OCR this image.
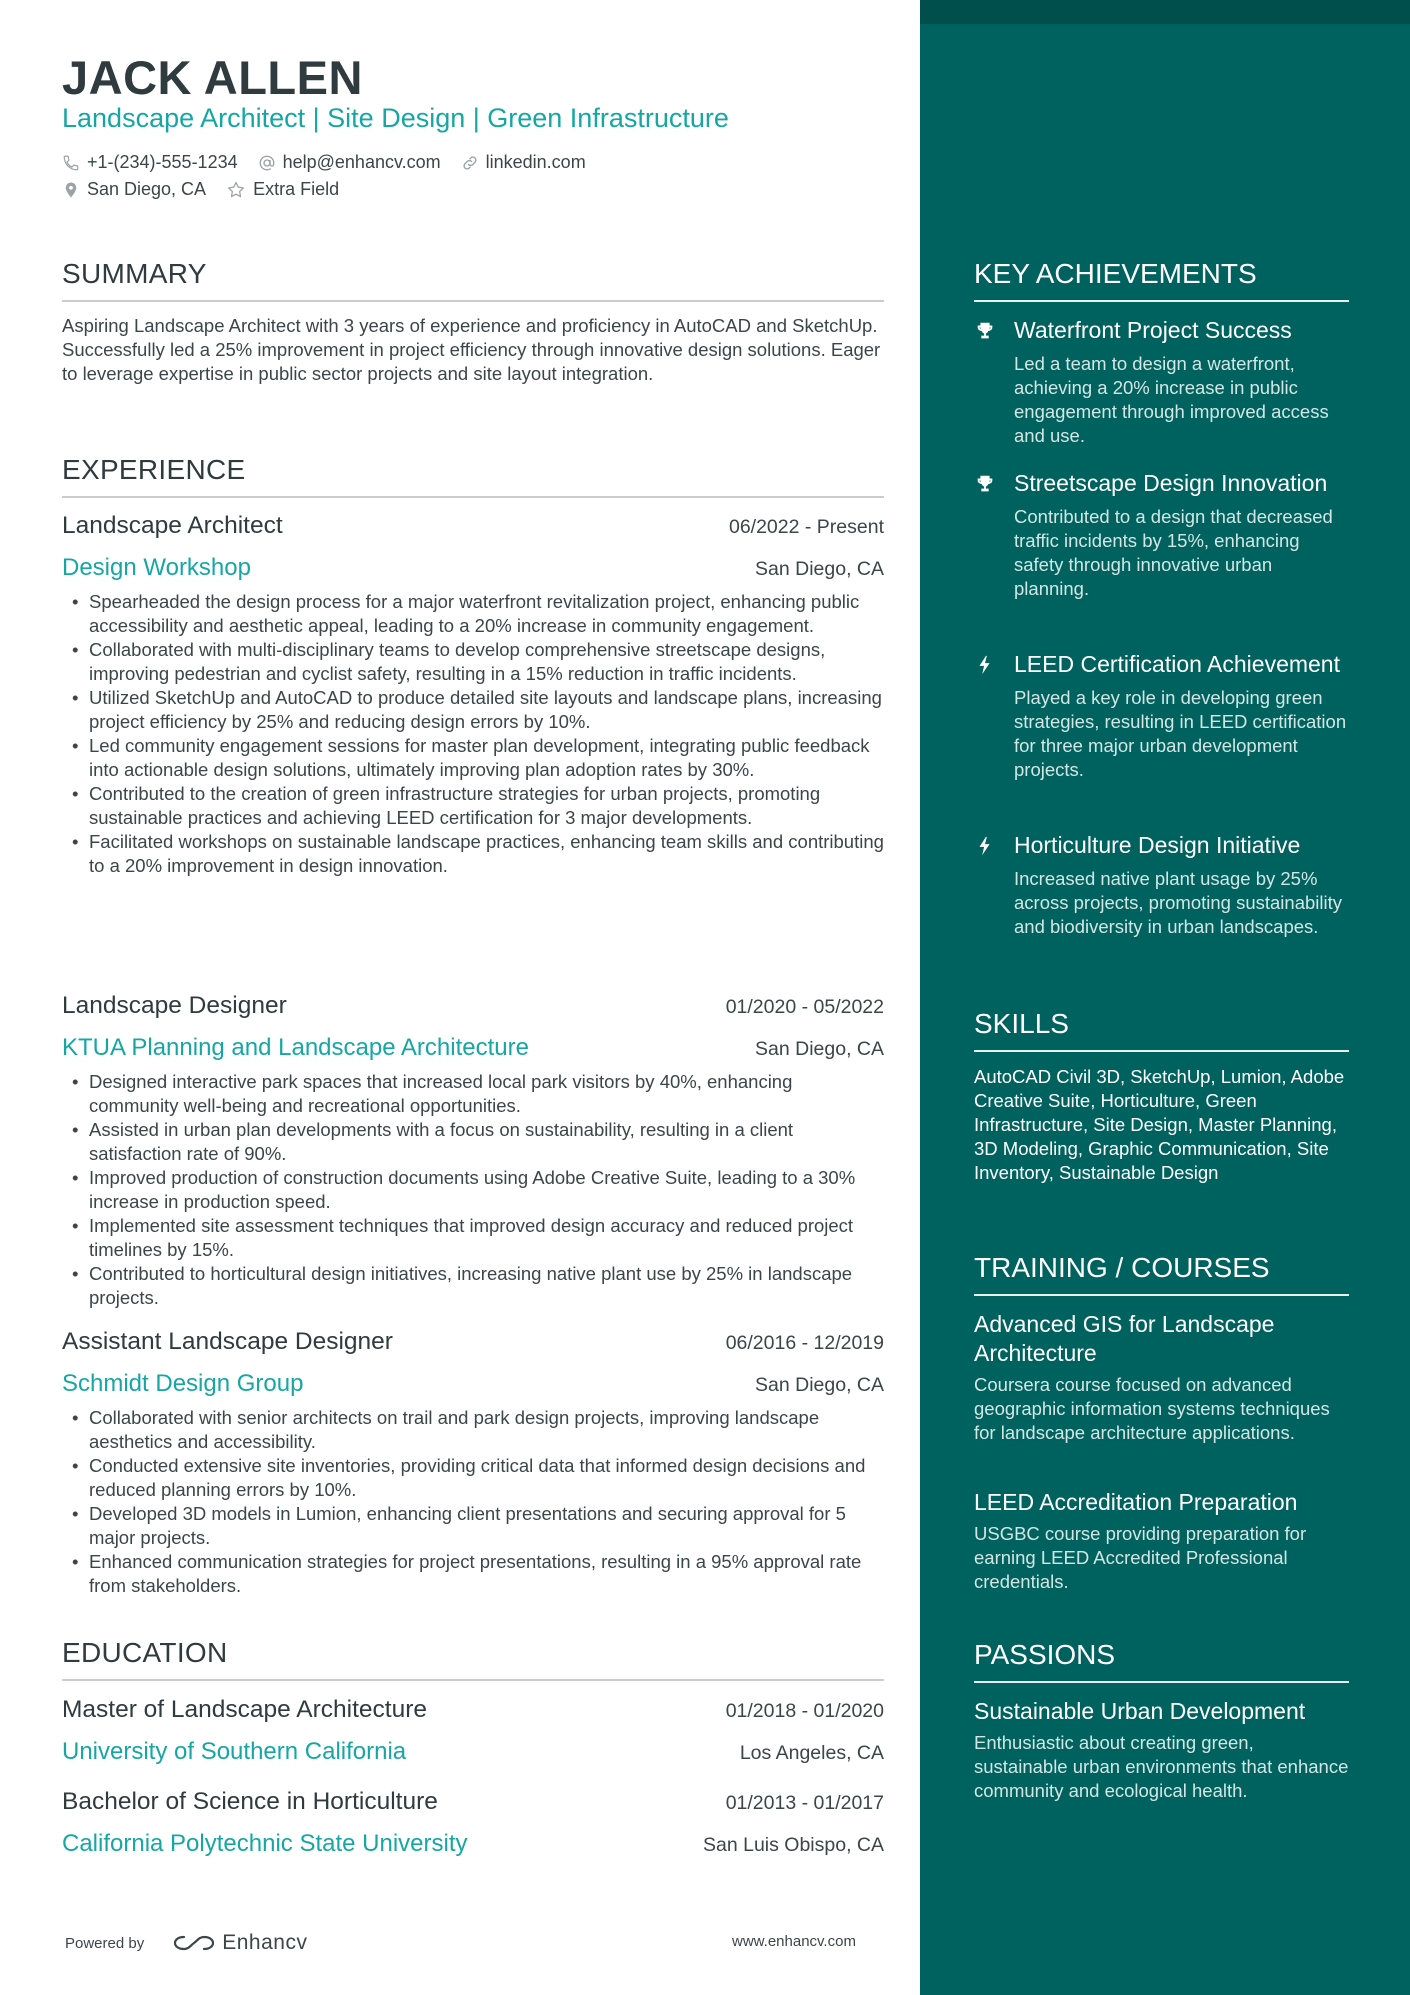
JACK ALLEN
Landscape Architect | Site Design | Green Infrastructure
+1-(234)-555-1234	help@enhancv.com	linkedin.com
San Diego, CA	Extra Field
SUMMARY
Aspiring Landscape Architect with 3 years of experience and proficiency in AutoCAD and SketchUp. Successfully led a 25% improvement in project efficiency through innovative design solutions. Eager to leverage expertise in public sector projects and site layout integration.
EXPERIENCE
Landscape Architect	06/2022 - Present
Design Workshop	San Diego, CA
• Spearheaded the design process for a major waterfront revitalization project, enhancing public accessibility and aesthetic appeal, leading to a 20% increase in community engagement.
• Collaborated with multi-disciplinary teams to develop comprehensive streetscape designs, improving pedestrian and cyclist safety, resulting in a 15% reduction in traffic incidents.
• Utilized SketchUp and AutoCAD to produce detailed site layouts and landscape plans, increasing project efficiency by 25% and reducing design errors by 10%.
• Led community engagement sessions for master plan development, integrating public feedback into actionable design solutions, ultimately improving plan adoption rates by 30%.
• Contributed to the creation of green infrastructure strategies for urban projects, promoting sustainable practices and achieving LEED certification for 3 major developments.
• Facilitated workshops on sustainable landscape practices, enhancing team skills and contributing to a 20% improvement in design innovation.
Landscape Designer	01/2020 - 05/2022
KTUA Planning and Landscape Architecture	San Diego, CA
• Designed interactive park spaces that increased local park visitors by 40%, enhancing community well-being and recreational opportunities.
• Assisted in urban plan developments with a focus on sustainability, resulting in a client satisfaction rate of 90%.
• Improved production of construction documents using Adobe Creative Suite, leading to a 30% increase in production speed.
• Implemented site assessment techniques that improved design accuracy and reduced project timelines by 15%.
• Contributed to horticultural design initiatives, increasing native plant use by 25% in landscape projects.
Assistant Landscape Designer	06/2016 - 12/2019
Schmidt Design Group	San Diego, CA
• Collaborated with senior architects on trail and park design projects, improving landscape aesthetics and accessibility.
• Conducted extensive site inventories, providing critical data that informed design decisions and reduced planning errors by 10%.
• Developed 3D models in Lumion, enhancing client presentations and securing approval for 5 major projects.
• Enhanced communication strategies for project presentations, resulting in a 95% approval rate from stakeholders.
EDUCATION
Master of Landscape Architecture	01/2018 - 01/2020
University of Southern California	Los Angeles, CA
Bachelor of Science in Horticulture	01/2013 - 01/2017
California Polytechnic State University	San Luis Obispo, CA
Powered by	Enhancv	www.enhancv.com
KEY ACHIEVEMENTS
Waterfront Project Success
Led a team to design a waterfront, achieving a 20% increase in public engagement through improved access and use.
Streetscape Design Innovation
Contributed to a design that decreased traffic incidents by 15%, enhancing safety through innovative urban planning.
LEED Certification Achievement
Played a key role in developing green strategies, resulting in LEED certification for three major urban development projects.
Horticulture Design Initiative
Increased native plant usage by 25% across projects, promoting sustainability and biodiversity in urban landscapes.
SKILLS
AutoCAD Civil 3D, SketchUp, Lumion, Adobe Creative Suite, Horticulture, Green Infrastructure, Site Design, Master Planning, 3D Modeling, Graphic Communication, Site Inventory, Sustainable Design
TRAINING / COURSES
Advanced GIS for Landscape Architecture
Coursera course focused on advanced geographic information systems techniques for landscape architecture applications.
LEED Accreditation Preparation
USGBC course providing preparation for earning LEED Accredited Professional credentials.
PASSIONS
Sustainable Urban Development
Enthusiastic about creating green, sustainable urban environments that enhance community and ecological health.
